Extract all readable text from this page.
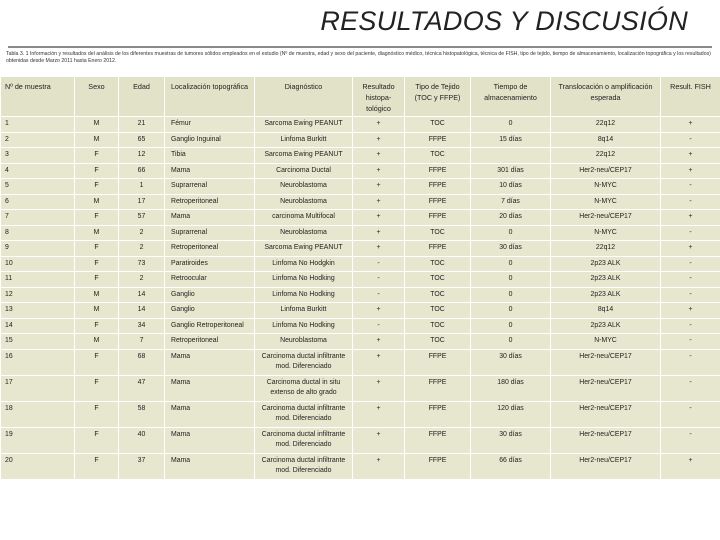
RESULTADOS Y DISCUSIÓN
Tabla 3. 1 Información y resultados del análisis de los diferentes muestras de tumores sólidos empleados en el estudio (Nº de muestra, edad y sexo del paciente, diagnóstico médico, técnica histopatológica, técnica de FISH, tipo de tejido, tiempo de almacenamiento, localización topográfica y los resultados) obtenidas desde Marzo 2011 hasta Enero 2012.
Nº de muestra	Sexo	Edad	Localización topográfica	Diagnóstico	Resultado histopa-tológico	Tipo de Tejido (TOC y FFPE)	Tiempo de almacenamiento	Translocación o amplificación esperada	Result. FISH
1	M	21	Fémur	Sarcoma Ewing PEANUT	+	TOC	0	22q12	+
2	M	65	Ganglio Inguinal	Linfoma Burkitt	+	FFPE	15 días	8q14	-
3	F	12	Tibia	Sarcoma Ewing PEANUT	+	TOC		22q12	+
4	F	66	Mama	Carcinoma Ductal	+	FFPE	301 días	Her2-neu/CEP17	+
5	F	1	Suprarrenal	Neuroblastoma	+	FFPE	10 días	N-MYC	-
6	M	17	Retroperitoneal	Neuroblastoma	+	FFPE	7 días	N-MYC	-
7	F	57	Mama	carcinoma Multifocal	+	FFPE	20 días	Her2-neu/CEP17	+
8	M	2	Suprarrenal	Neuroblastoma	+	TOC	0	N-MYC	-
9	F	2	Retroperitoneal	Sarcoma Ewing PEANUT	+	FFPE	30 días	22q12	+
10	F	73	Paratiroides	Linfoma No Hodgkin	-	TOC	0	2p23 ALK	-
11	F	2	Retroocular	Linfoma No Hodking	-	TOC	0	2p23 ALK	-
12	M	14	Ganglio	Linfoma No Hodking	-	TOC	0	2p23 ALK	-
13	M	14	Ganglio	Linfoma Burkitt	+	TOC	0	8q14	+
14	F	34	Ganglio Retroperitoneal	Linfoma No Hodking	-	TOC	0	2p23 ALK	-
15	M	7	Retroperitoneal	Neuroblastoma	+	TOC	0	N-MYC	-
16	F	68	Mama	Carcinoma ductal infiltrante mod. Diferenciado	+	FFPE	30 días	Her2-neu/CEP17	-
17	F	47	Mama	Carcinoma ductal in situ extenso de alto grado	+	FFPE	180 días	Her2-neu/CEP17	-
18	F	58	Mama	Carcinoma ductal infiltrante mod. Diferenciado	+	FFPE	120 días	Her2-neu/CEP17	-
19	F	40	Mama	Carcinoma ductal infiltrante mod. Diferenciado	+	FFPE	30 días	Her2-neu/CEP17	-
20	F	37	Mama	Carcinoma ductal infiltrante mod. Diferenciado	+	FFPE	66 días	Her2-neu/CEP17	+
